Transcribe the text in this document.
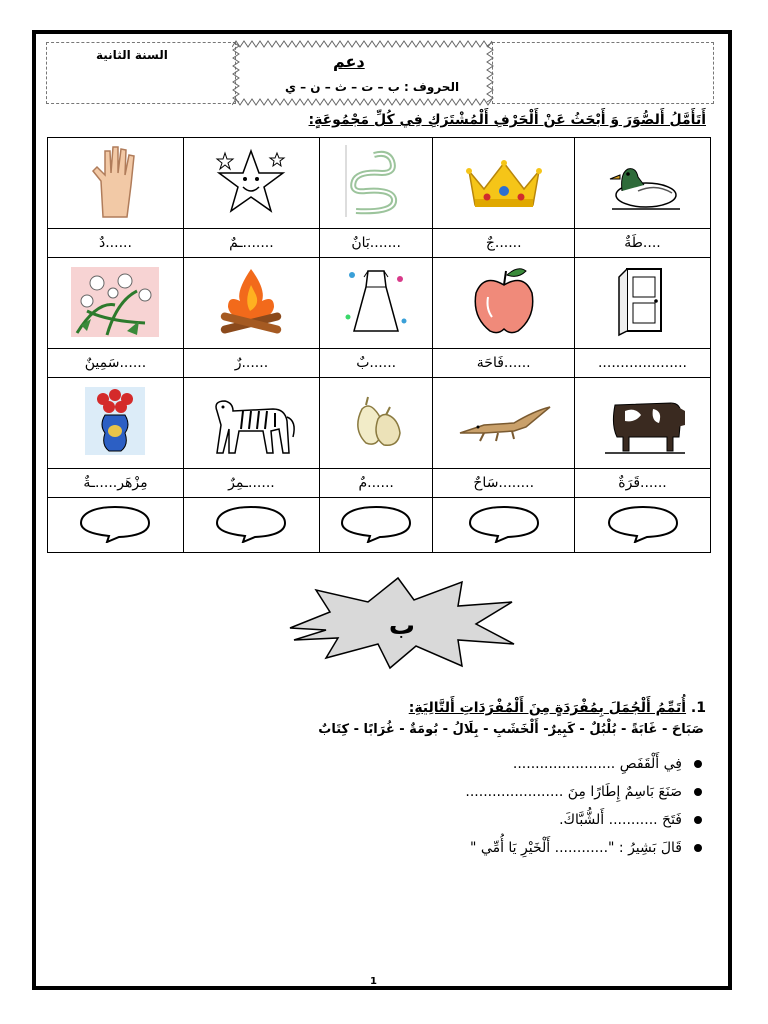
السنة الثانية	دعم
الحروف : ب – ت – ث – ن – ي
أَتَأَمَّلُ أَلصُّوَرَ وَ أَبْحَثُ عَنْ أَلْحَرْفِ أَلْمُشْتَرَكِ فِي كُلِّ مَجْمُوعَةٍ:

......دٌ	.......ـمٌ	.......بَانٌ	......جٌ	....طَةٌ

......سَمِينٌ	......رٌ	......بٌ	......فَاحَة	....................

مِزْهَر.....ـةٌ	......ـمِرٌ	......مٌ	........سَاحٌ	......قَرَةٌ

ب
1. أُتَمِّمُ أَلْجُمَلَ بِمُفْرَدَةٍ مِنَ أَلْمُفْرَدَاتِ أَلتَّالِيَةِ:
صَبَاحَ - غَابَةً - بُلْبُلٌ - كَبِيرٌ- أَلْخَشَبِ - بِلَالُ - بُومَةٌ - غُرَابًا - كِتَابٌ
فِي أَلْقَفَصِ .......................
صَنَعَ بَاسِمٌ إِطَارًا مِنَ ......................
فَتَحَ ........... أَلشُّبَّاكَ.
قَالَ بَشِيرُ : "............ أَلْخَيْرِ يَا أُمِّي "
1
